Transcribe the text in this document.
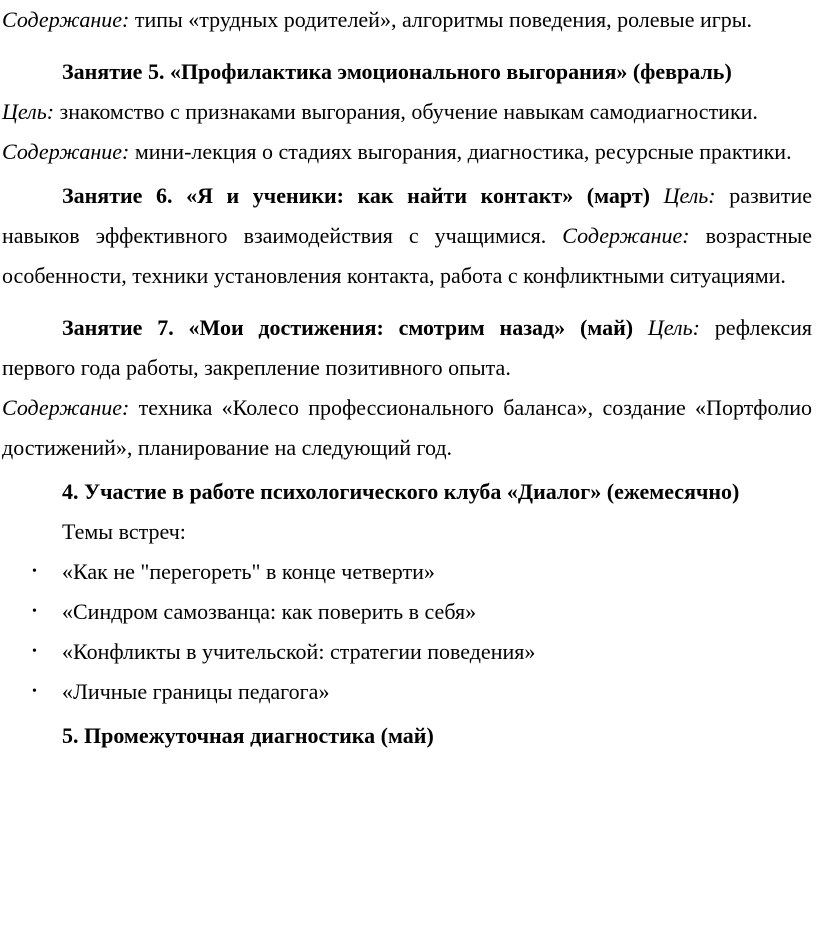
Содержание: типы «трудных родителей», алгоритмы поведения, ролевые игры.

Занятие 5. «Профилактика эмоционального выгорания» (февраль)

Цель: знакомство с признаками выгорания, обучение навыкам самодиагностики.

Содержание: мини-лекция о стадиях выгорания, диагностика, ресурсные практики.

Занятие 6. «Я и ученики: как найти контакт» (март) Цель: развитие навыков эффективного взаимодействия с учащимися. Содержание: возрастные особенности, техники установления контакта, работа с конфликтными ситуациями.

Занятие 7. «Мои достижения: смотрим назад» (май) Цель: рефлексия первого года работы, закрепление позитивного опыта.

Содержание: техника «Колесо профессионального баланса», создание «Портфолио достижений», планирование на следующий год.

4. Участие в работе психологического клуба «Диалог» (ежемесячно)

Темы встреч:

• «Как не "перегореть" в конце четверти»
• «Синдром самозванца: как поверить в себя»
• «Конфликты в учительской: стратегии поведения»
• «Личные границы педагога»

5. Промежуточная диагностика (май)
